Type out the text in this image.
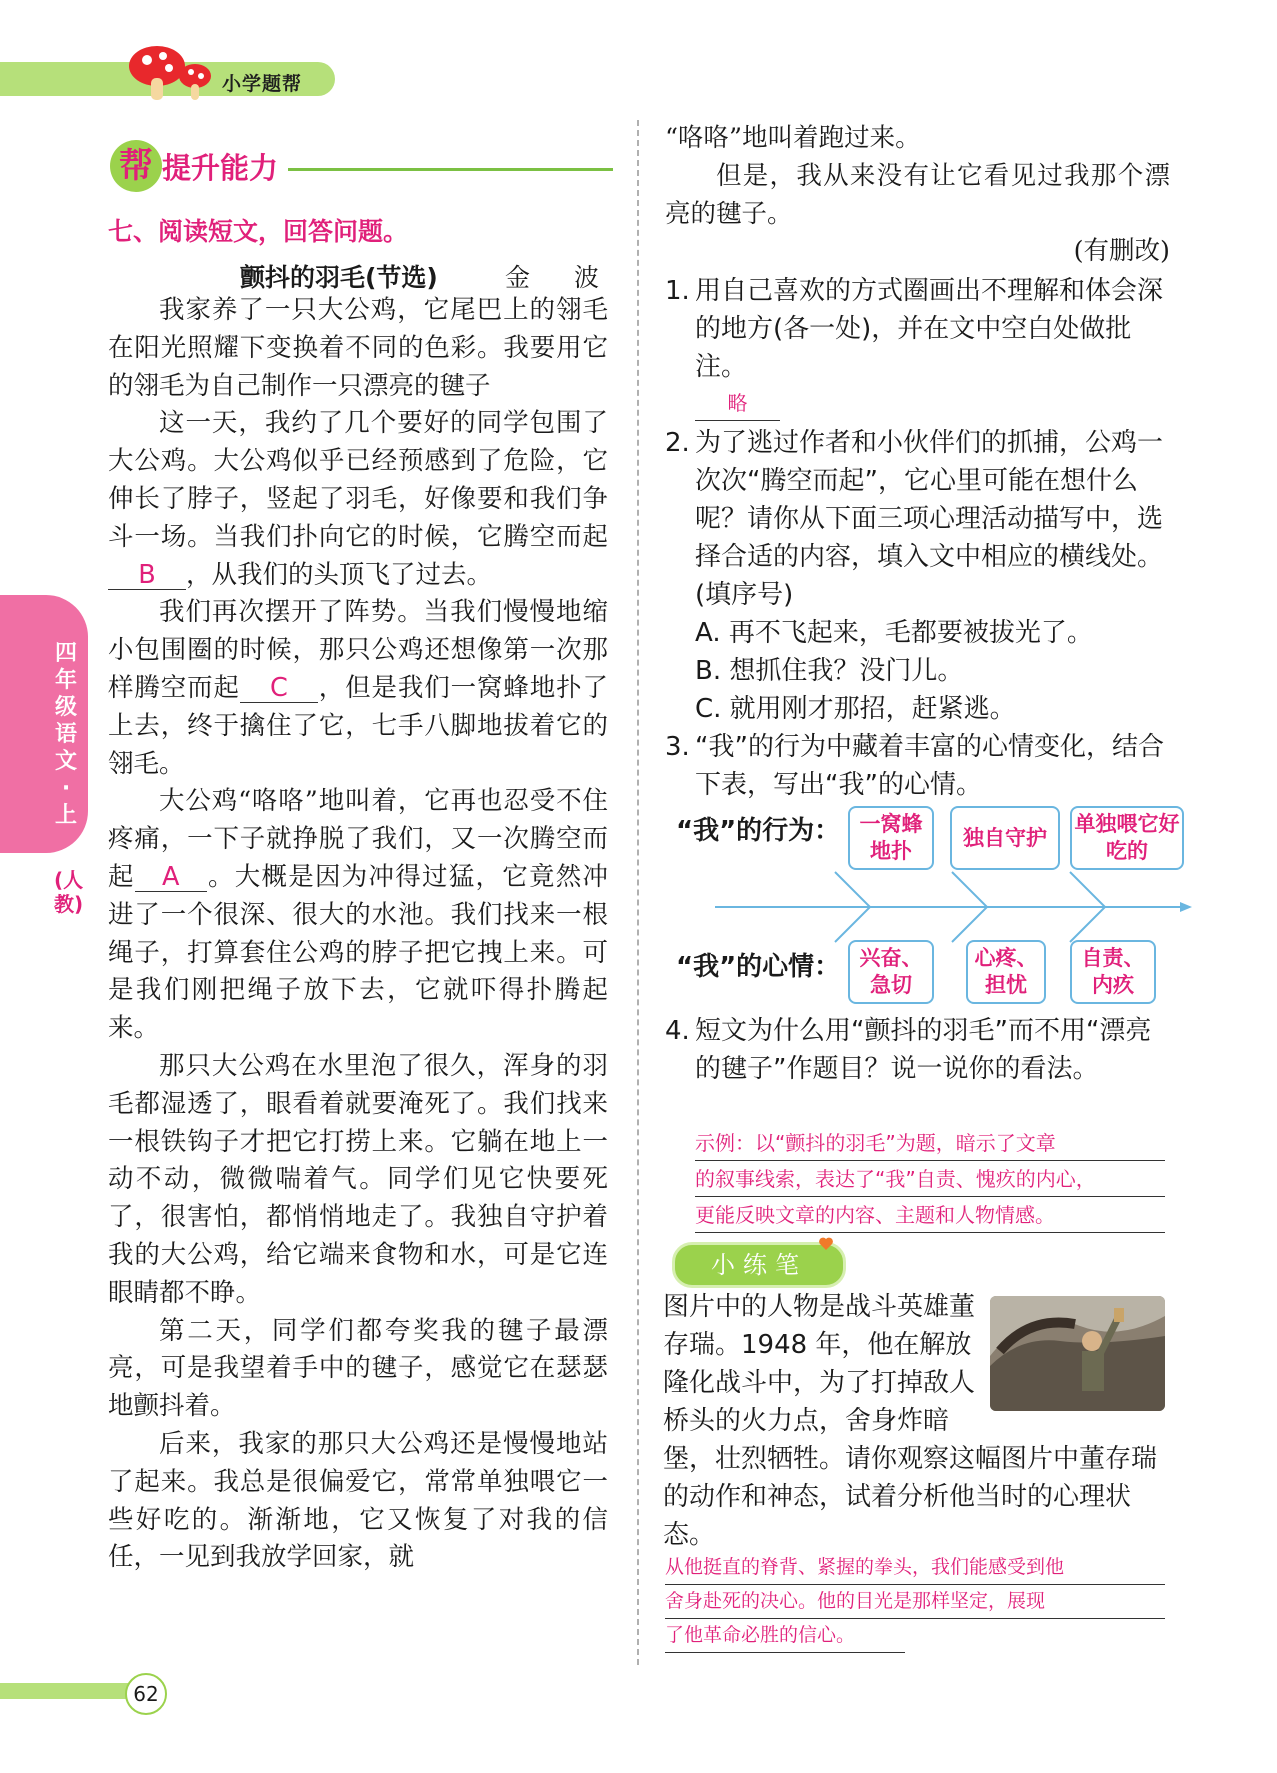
小学题帮
帮 提升能力
四年级语文·上
(人教)
七、阅读短文，回答问题。
颤抖的羽毛(节选)	金 波
我家养了一只大公鸡，它尾巴上的翎毛在阳光照耀下变换着不同的色彩。我要用它的翎毛为自己制作一只漂亮的毽子
这一天，我约了几个要好的同学包围了大公鸡。大公鸡似乎已经预感到了危险，它伸长了脖子，竖起了羽毛，好像要和我们争斗一场。当我们扑向它的时候，它腾空而起B ，从我们的头顶飞了过去。
我们再次摆开了阵势。当我们慢慢地缩小包围圈的时候，那只公鸡还想像第一次那样腾空而起 C ，但是我们一窝蜂地扑了上去，终于擒住了它，七手八脚地拔着它的翎毛。
大公鸡“咯咯”地叫着，它再也忍受不住疼痛，一下子就挣脱了我们，又一次腾空而起 A 。大概是因为冲得过猛，它竟然冲进了一个很深、很大的水池。我们找来一根绳子，打算套住公鸡的脖子把它拽上来。可是我们刚把绳子放下去，它就吓得扑腾起来。
那只大公鸡在水里泡了很久，浑身的羽毛都湿透了，眼看着就要淹死了。我们找来一根铁钩子才把它打捞上来。它躺在地上一动不动，微微喘着气。同学们见它快要死了，很害怕，都悄悄地走了。我独自守护着我的大公鸡，给它端来食物和水，可是它连眼睛都不睁。
第二天，同学们都夸奖我的毽子最漂亮，可是我望着手中的毽子，感觉它在瑟瑟地颤抖着。
后来，我家的那只大公鸡还是慢慢地站了起来。我总是很偏爱它，常常单独喂它一些好吃的。渐渐地，它又恢复了对我的信任，一见到我放学回家，就
“咯咯”地叫着跑过来。
但是，我从来没有让它看见过我那个漂亮的毽子。
(有删改)
1. 用自己喜欢的方式圈画出不理解和体会深的地方(各一处)，并在文中空白处做批注。
略
2. 为了逃过作者和小伙伴们的抓捕，公鸡一次次“腾空而起”，它心里可能在想什么呢？请你从下面三项心理活动描写中，选择合适的内容，填入文中相应的横线处。(填序号)
A. 再不飞起来，毛都要被拔光了。
B. 想抓住我？没门儿。
C. 就用刚才那招，赶紧逃。
3. “我”的行为中藏着丰富的心情变化，结合下表，写出“我”的心情。
“我”的行为：
“我”的心情：
一窝蜂地扑
独自守护
单独喂它好吃的
兴奋、急切
心疼、担忧
自责、内疚
4. 短文为什么用“颤抖的羽毛”而不用“漂亮的毽子”作题目？说一说你的看法。
示例：以“颤抖的羽毛”为题，暗示了文章
的叙事线索，表达了“我”自责、愧疚的内心，
更能反映文章的内容、主题和人物情感。
小练笔
图片中的人物是战斗英雄董存瑞。1948 年，他在解放隆化战斗中，为了打掉敌人桥头的火力点，舍身炸暗堡，壮烈牺牲。请你观察这幅图片中董存瑞的动作和神态，试着分析他当时的心理状态。
从他挺直的脊背、紧握的拳头，我们能感受到他
舍身赴死的决心。他的目光是那样坚定，展现
了他革命必胜的信心。
62
